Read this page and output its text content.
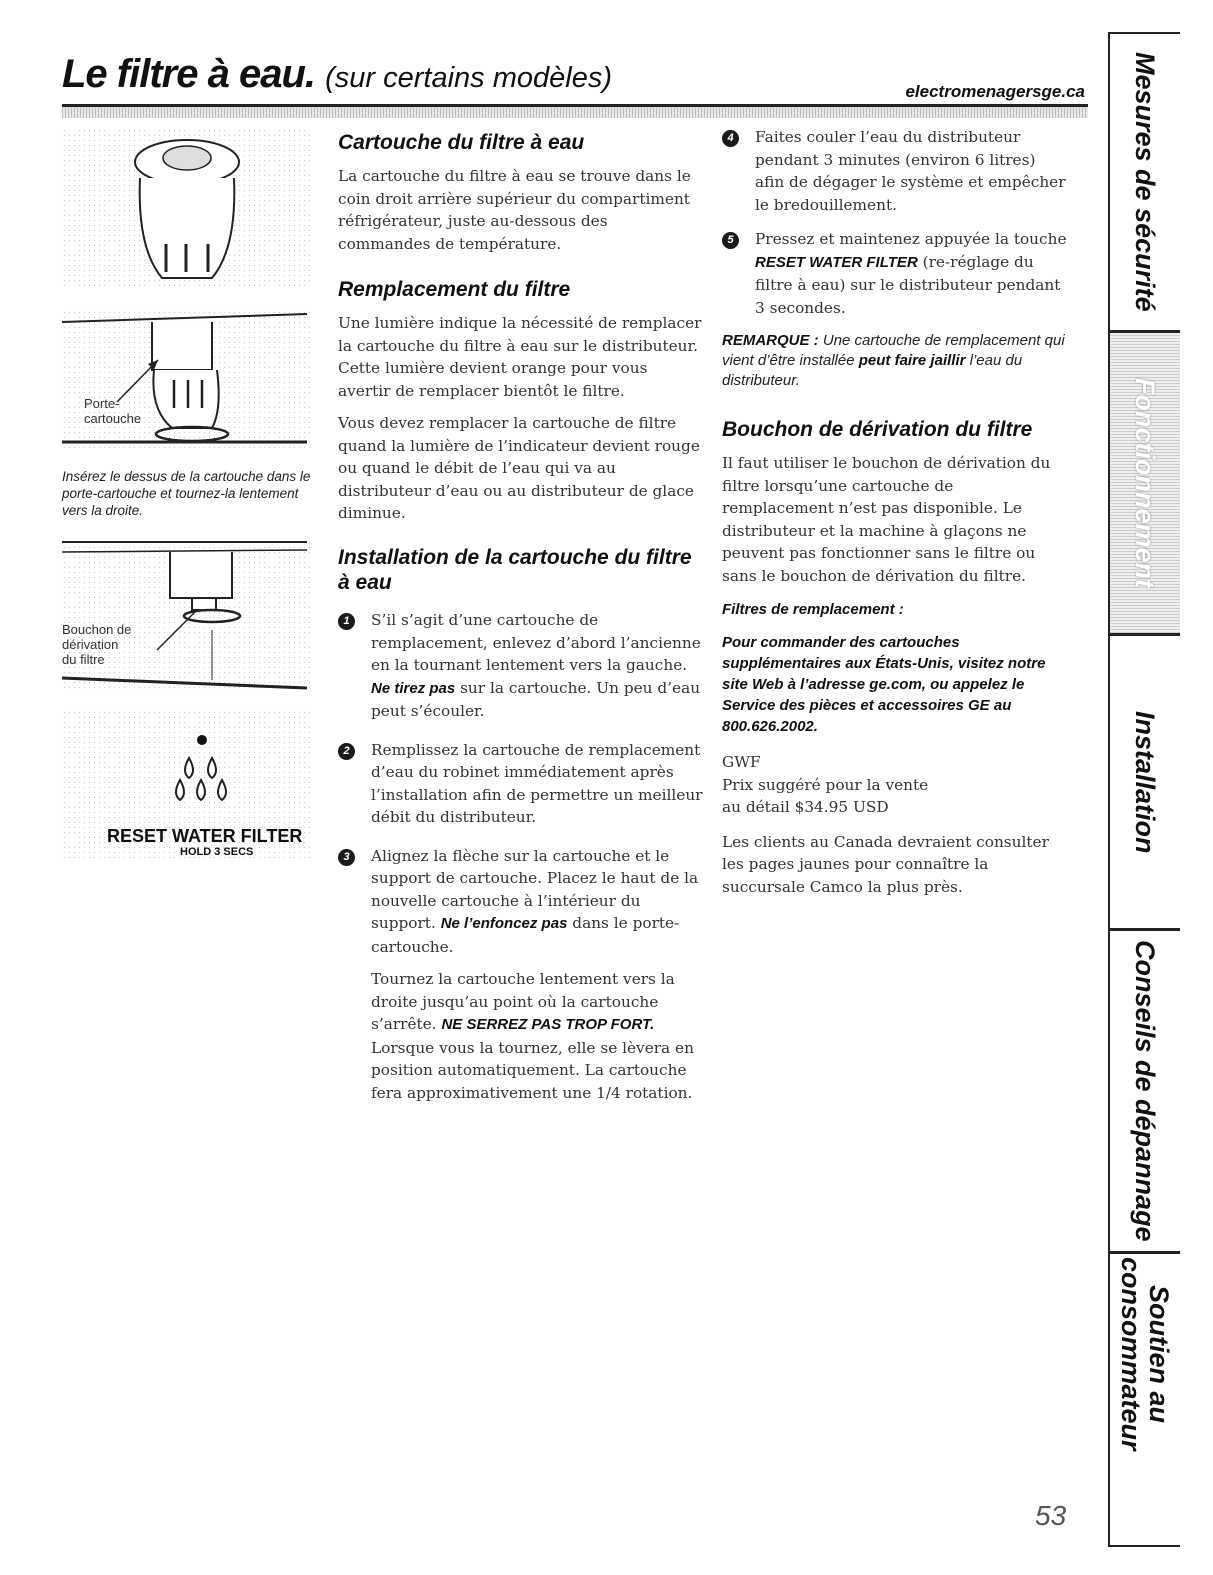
Le filtre à eau. (sur certains modèles)	electromenagersge.ca
Porte-
cartouche
Insérez le dessus de la cartouche dans le porte-cartouche et tournez-la lentement vers la droite.
Bouchon de
dérivation
du filtre
RESET WATER FILTER
HOLD 3 SECS
Cartouche du filtre à eau
La cartouche du filtre à eau se trouve dans le coin droit arrière supérieur du compartiment réfrigérateur, juste au-dessous des commandes de température.
Remplacement du filtre
Une lumière indique la nécessité de remplacer la cartouche du filtre à eau sur le distributeur. Cette lumière devient orange pour vous avertir de remplacer bientôt le filtre.
Vous devez remplacer la cartouche de filtre quand la lumière de l’indicateur devient rouge ou quand le débit de l’eau qui va au distributeur d’eau ou au distributeur de glace diminue.
Installation de la cartouche du filtre à eau
1	S’il s’agit d’une cartouche de remplacement, enlevez d’abord l’ancienne en la tournant lentement vers la gauche. Ne tirez pas sur la cartouche. Un peu d’eau peut s’écouler.
2	Remplissez la cartouche de remplacement d’eau du robinet immédiatement après l’installation afin de permettre un meilleur débit du distributeur.
3	Alignez la flèche sur la cartouche et le support de cartouche. Placez le haut de la nouvelle cartouche à l’intérieur du support. Ne l’enfoncez pas dans le porte-cartouche.
Tournez la cartouche lentement vers la droite jusqu’au point où la cartouche s’arrête. NE SERREZ PAS TROP FORT. Lorsque vous la tournez, elle se lèvera en position automatiquement. La cartouche fera approximativement une 1/4 rotation.
4	Faites couler l’eau du distributeur pendant 3 minutes (environ 6 litres) afin de dégager le système et empêcher le bredouillement.
5	Pressez et maintenez appuyée la touche RESET WATER FILTER (re-réglage du filtre à eau) sur le distributeur pendant 3 secondes.
REMARQUE : Une cartouche de remplacement qui vient d’être installée peut faire jaillir l’eau du distributeur.
Bouchon de dérivation du filtre
Il faut utiliser le bouchon de dérivation du filtre lorsqu’une cartouche de remplacement n’est pas disponible. Le distributeur et la machine à glaçons ne peuvent pas fonctionner sans le filtre ou sans le bouchon de dérivation du filtre.
Filtres de remplacement :
Pour commander des cartouches supplémentaires aux États-Unis, visitez notre site Web à l’adresse ge.com, ou appelez le Service des pièces et accessoires GE au 800.626.2002.
GWF
Prix suggéré pour la vente au détail $34.95 USD
Les clients au Canada devraient consulter les pages jaunes pour connaître la succursale Camco la plus près.
Mesures de sécurité
Fonctionnement
Installation
Conseils de dépannage
Soutien au
consommateur
53
